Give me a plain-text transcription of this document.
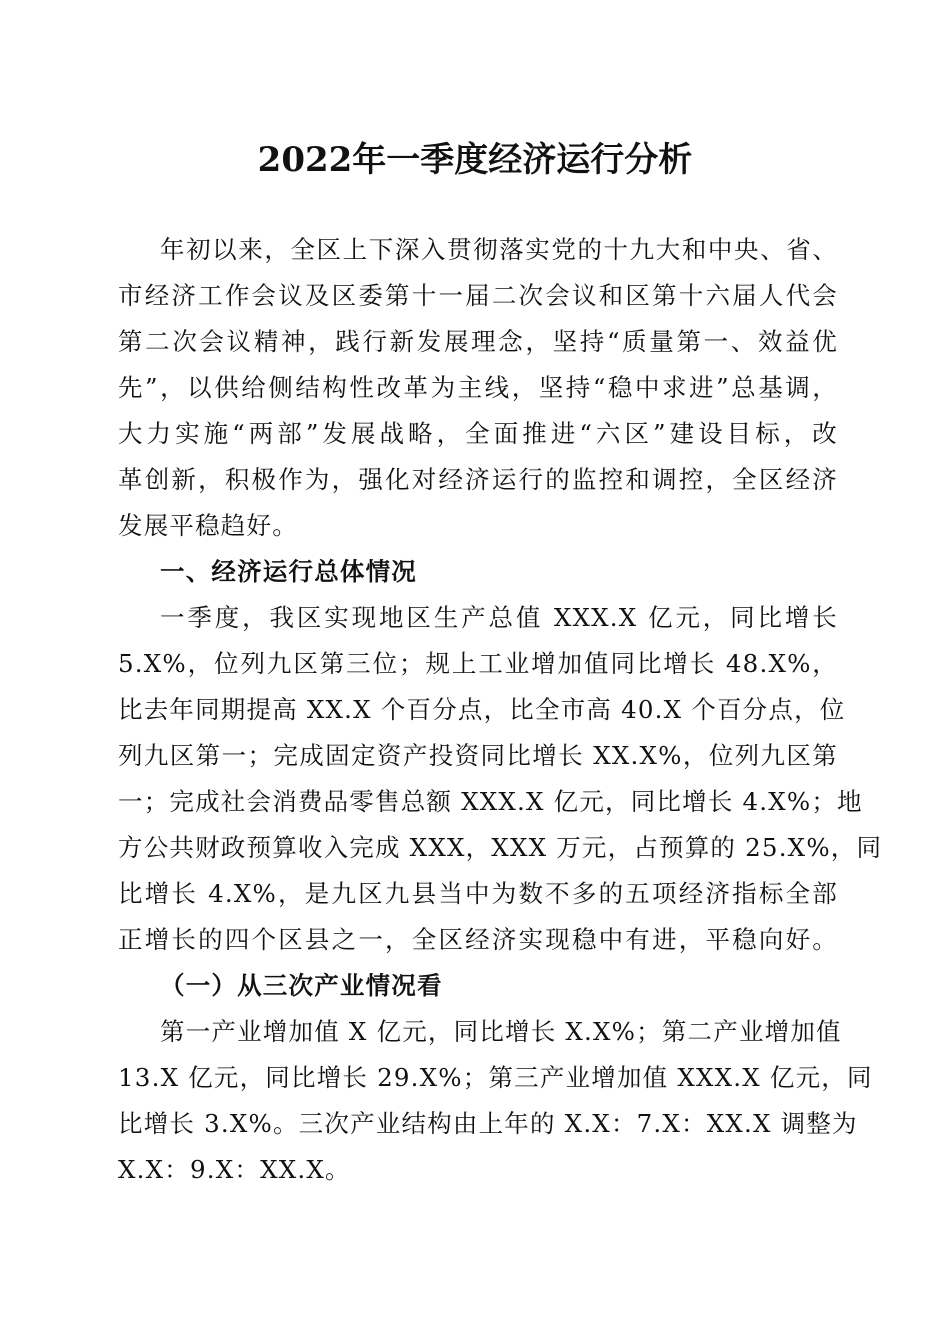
2022年一季度经济运行分析
年初以来，全区上下深入贯彻落实党的十九大和中央、省、
市经济工作会议及区委第十一届二次会议和区第十六届人代会
第二次会议精神，践行新发展理念，坚持“质量第一、效益优
先”，以供给侧结构性改革为主线，坚持“稳中求进”总基调，
大力实施“两部”发展战略，全面推进“六区”建设目标，改
革创新，积极作为，强化对经济运行的监控和调控，全区经济
发展平稳趋好。
一、经济运行总体情况
一季度，我区实现地区生产总值 XXX.X 亿元，同比增长
5.X%，位列九区第三位；规上工业增加值同比增长 48.X%，
比去年同期提高 XX.X 个百分点，比全市高 40.X 个百分点，位
列九区第一；完成固定资产投资同比增长 XX.X%，位列九区第
一；完成社会消费品零售总额 XXX.X 亿元，同比增长 4.X%；地
方公共财政预算收入完成 XXX，XXX 万元，占预算的 25.X%，同
比增长 4.X%，是九区九县当中为数不多的五项经济指标全部
正增长的四个区县之一，全区经济实现稳中有进，平稳向好。
（一）从三次产业情况看
第一产业增加值 X 亿元，同比增长 X.X%；第二产业增加值
13.X 亿元，同比增长 29.X%；第三产业增加值 XXX.X 亿元，同
比增长 3.X%。三次产业结构由上年的 X.X：7.X：XX.X 调整为
X.X：9.X：XX.X。
